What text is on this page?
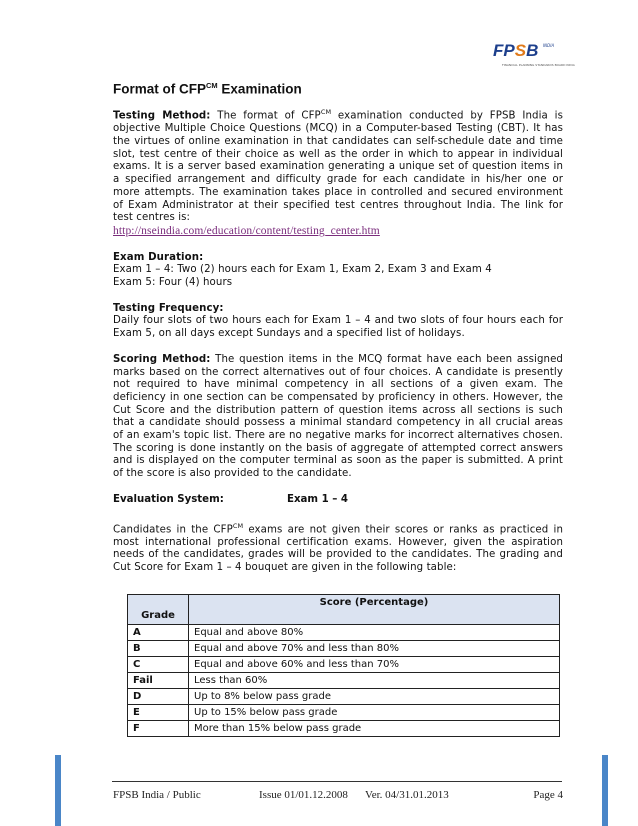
FPSB INDIA
FINANCIAL PLANNING STANDARDS BOARD INDIA
Format of $CFP^{CM}$ Examination

Testing Method: The format of $CFP^{CM}$ examination conducted by FPSB India is objective Multiple Choice Questions (MCQ) in a Computer-based Testing (CBT). It has the virtues of online examination in that candidates can self-schedule date and time slot, test centre of their choice as well as the order in which to appear in individual exams. It is a server based examination generating a unique set of question items in a specified arrangement and difficulty grade for each candidate in his/her one or more attempts. The examination takes place in controlled and secured environment of Exam Administrator at their specified test centres throughout India. The link for test centres is:
http://nseindia.com/education/content/testing_center.htm

Exam Duration:
Exam 1 – 4: Two (2) hours each for Exam 1, Exam 2, Exam 3 and Exam 4
Exam 5: Four (4) hours

Testing Frequency:
Daily four slots of two hours each for Exam 1 – 4 and two slots of four hours each for Exam 5, on all days except Sundays and a specified list of holidays.

Scoring Method: The question items in the MCQ format have each been assigned marks based on the correct alternatives out of four choices. A candidate is presently not required to have minimal competency in all sections of a given exam. The deficiency in one section can be compensated by proficiency in others. However, the Cut Score and the distribution pattern of question items across all sections is such that a candidate should possess a minimal standard competency in all crucial areas of an exam's topic list. There are no negative marks for incorrect alternatives chosen. The scoring is done instantly on the basis of aggregate of attempted correct answers and is displayed on the computer terminal as soon as the paper is submitted. A print of the score is also provided to the candidate.

Evaluation System:	Exam 1 – 4

Candidates in the $CFP^{CM}$ exams are not given their scores or ranks as practiced in most international professional certification exams. However, given the aspiration needs of the candidates, grades will be provided to the candidates. The grading and Cut Score for Exam 1 – 4 bouquet are given in the following table:

Grade	Score (Percentage)
A	Equal and above 80%
B	Equal and above 70% and less than 80%
C	Equal and above 60% and less than 70%
Fail	Less than 60%
D	Up to 8% below pass grade
E	Up to 15% below pass grade
F	More than 15% below pass grade
FPSB India / Public	Issue 01/01.12.2008 Ver. 04/31.01.2013	Page 4
